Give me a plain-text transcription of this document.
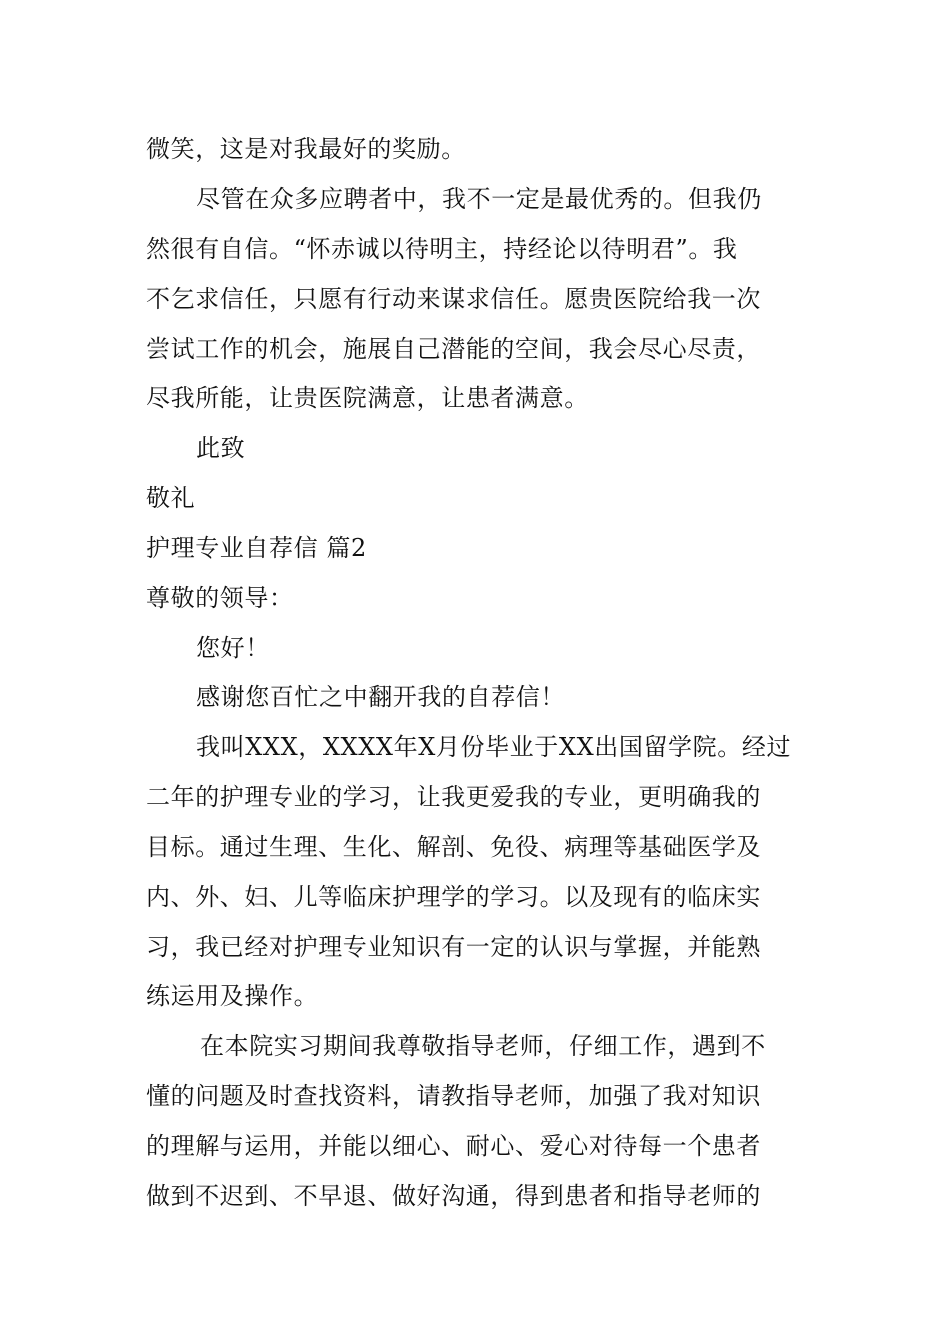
微笑，这是对我最好的奖励。
尽管在众多应聘者中，我不一定是最优秀的。但我仍
然很有自信。“怀赤诚以待明主，持经论以待明君”。我
不乞求信任，只愿有行动来谋求信任。愿贵医院给我一次
尝试工作的机会，施展自己潜能的空间，我会尽心尽责，
尽我所能，让贵医院满意，让患者满意。
此致
敬礼
护理专业自荐信 篇2
尊敬的领导：
您好！
感谢您百忙之中翻开我的自荐信！
我叫XXX，XXXX年X月份毕业于XX出国留学院。经过
二年的护理专业的学习，让我更爱我的专业，更明确我的
目标。通过生理、生化、解剖、免役、病理等基础医学及
内、外、妇、儿等临床护理学的学习。以及现有的临床实
习，我已经对护理专业知识有一定的认识与掌握，并能熟
练运用及操作。
在本院实习期间我尊敬指导老师，仔细工作，遇到不
懂的问题及时查找资料，请教指导老师，加强了我对知识
的理解与运用，并能以细心、耐心、爱心对待每一个患者
做到不迟到、不早退、做好沟通，得到患者和指导老师的
